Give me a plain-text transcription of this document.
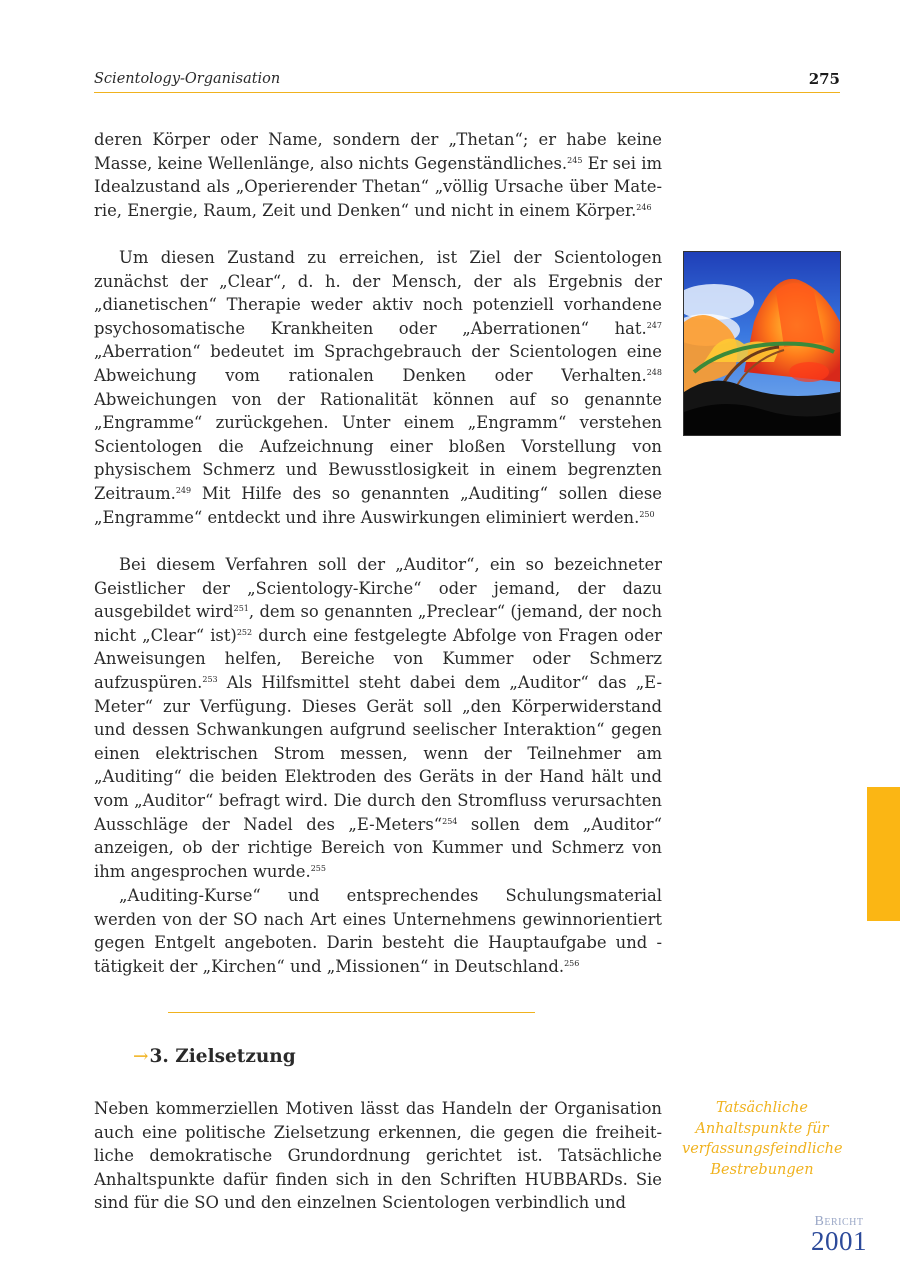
Scientology-Organisation	275

deren Körper oder Name, sondern der „Thetan“; er habe keine Masse, keine Wellenlänge, also nichts Gegenständliches.$^{245}$ Er sei im Idealzustand als „Operierender Thetan“ „völlig Ursache über Materie, Energie, Raum, Zeit und Denken“ und nicht in einem Körper.$^{246}$

Um diesen Zustand zu erreichen, ist Ziel der Scientologen zunächst der „Clear“, d. h. der Mensch, der als Ergebnis der „dianetischen“ Therapie weder aktiv noch potenziell vorhandene psychosomatische Krankheiten oder „Aberrationen“ hat.$^{247}$ „Aberration“ bedeutet im Sprachgebrauch der Scientologen eine Abweichung vom rationalen Denken oder Verhalten.$^{248}$ Abweichungen von der Rationalität können auf so genannte „Engramme“ zurückgehen. Unter einem „Engramm“ verstehen Scientologen die Aufzeichnung einer bloßen Vorstellung von physischem Schmerz und Bewusstlosigkeit in einem begrenzten Zeitraum.$^{249}$ Mit Hilfe des so genannten „Auditing“ sollen diese „Engramme“ entdeckt und ihre Auswirkungen eliminiert werden.$^{250}$

Bei diesem Verfahren soll der „Auditor“, ein so bezeichneter Geistlicher der „Scientology-Kirche“ oder jemand, der dazu ausgebildet wird$^{251}$, dem so genannten „Preclear“ (jemand, der noch nicht „Clear“ ist)$^{252}$ durch eine festgelegte Abfolge von Fragen oder Anweisungen helfen, Bereiche von Kummer oder Schmerz aufzuspüren.$^{253}$ Als Hilfsmittel steht dabei dem „Auditor“ das „E-Meter“ zur Verfügung. Dieses Gerät soll „den Körperwiderstand und dessen Schwankungen aufgrund seelischer Interaktion“ gegen einen elektrischen Strom messen, wenn der Teilnehmer am „Auditing“ die beiden Elektroden des Geräts in der Hand hält und vom „Auditor“ befragt wird. Die durch den Stromfluss verursachten Ausschläge der Nadel des „E-Meters“$^{254}$ sollen dem „Auditor“ anzeigen, ob der richtige Bereich von Kummer und Schmerz von ihm angesprochen wurde.$^{255}$

„Auditing-Kurse“ und entsprechendes Schulungsmaterial werden von der SO nach Art eines Unternehmens gewinnorientiert gegen Entgelt angeboten. Darin besteht die Hauptaufgabe und -tätigkeit der „Kirchen“ und „Missionen“ in Deutschland.$^{256}$

→3. Zielsetzung

Neben kommerziellen Motiven lässt das Handeln der Organisation auch eine politische Zielsetzung erkennen, die gegen die freiheitliche demokratische Grundordnung gerichtet ist. Tatsächliche Anhaltspunkte dafür finden sich in den Schriften HUBBARDs. Sie sind für die SO und den einzelnen Scientologen verbindlich und

Tatsächliche Anhaltspunkte für verfassungsfeindliche Bestrebungen
Bericht
2001
